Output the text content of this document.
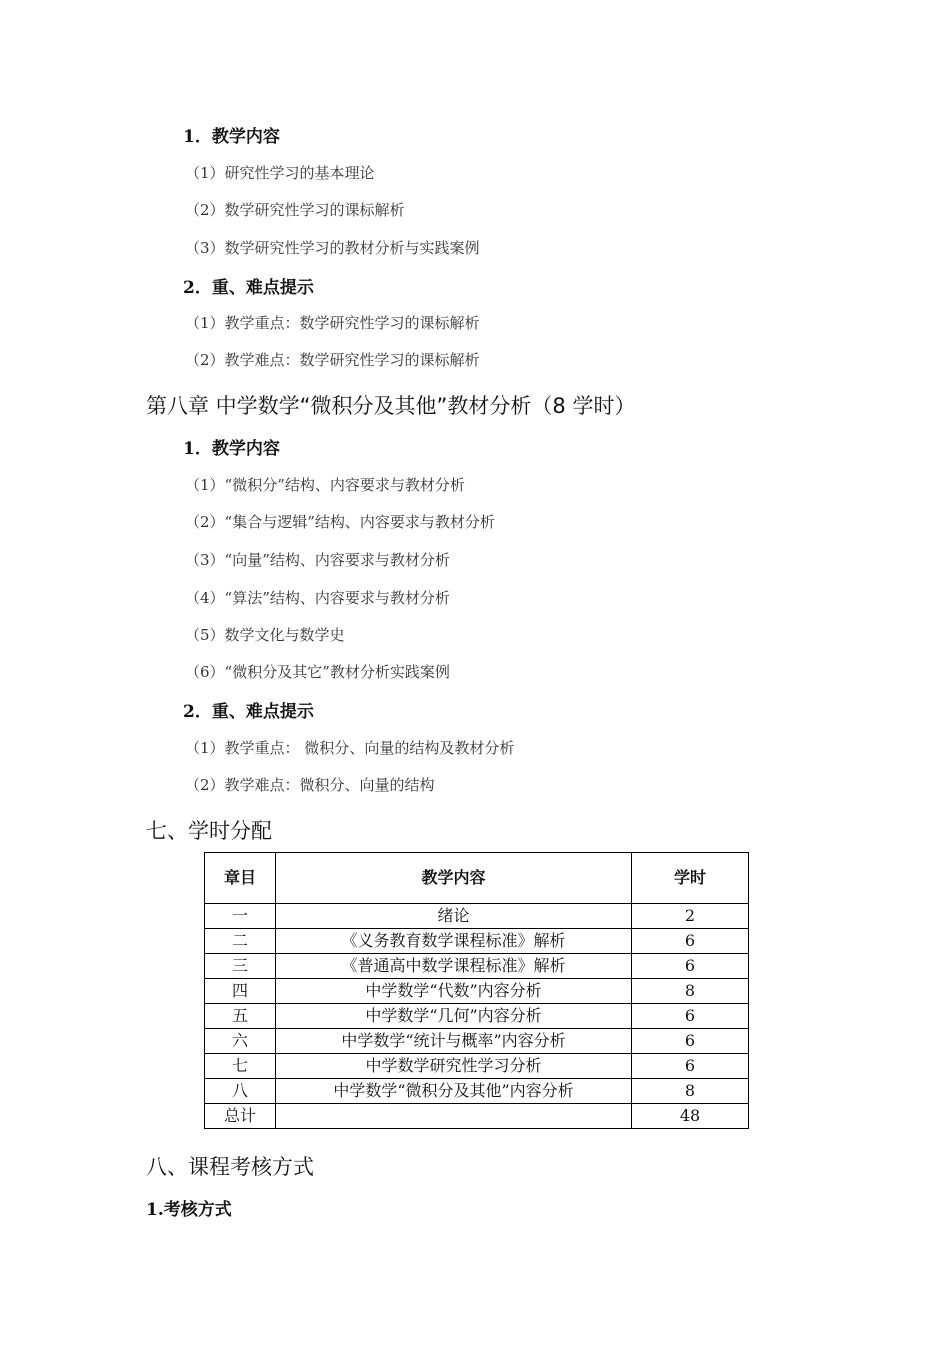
1．教学内容
（1）研究性学习的基本理论
（2）数学研究性学习的课标解析
（3）数学研究性学习的教材分析与实践案例
2．重、难点提示
（1）教学重点：数学研究性学习的课标解析
（2）教学难点：数学研究性学习的课标解析
第八章 中学数学“微积分及其他”教材分析（8 学时）
1．教学内容
（1）“微积分”结构、内容要求与教材分析
（2）“集合与逻辑”结构、内容要求与教材分析
（3）“向量”结构、内容要求与教材分析
（4）“算法”结构、内容要求与教材分析
（5）数学文化与数学史
（6）“微积分及其它”教材分析实践案例
2．重、难点提示
（1）教学重点： 微积分、向量的结构及教材分析
（2）教学难点：微积分、向量的结构
七、学时分配
章目	教学内容	学时
一	绪论	2
二	《义务教育数学课程标准》解析	6
三	《普通高中数学课程标准》解析	6
四	中学数学“代数”内容分析	8
五	中学数学“几何”内容分析	6
六	中学数学“统计与概率”内容分析	6
七	中学数学研究性学习分析	6
八	中学数学“微积分及其他”内容分析	8
总计		48
八、课程考核方式
1.考核方式
